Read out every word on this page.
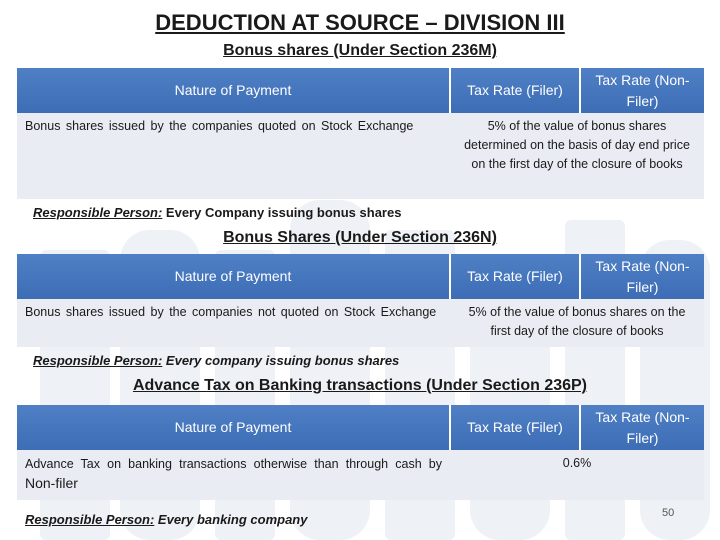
DEDUCTION AT SOURCE – DIVISION III
Bonus shares (Under Section 236M)
Nature of Payment	Tax Rate (Filer)	Tax Rate (Non-Filer)
Bonus shares issued by the companies quoted on Stock Exchange	5% of the value of bonus shares determined on the basis of day end price on the first day of the closure of books	
Responsible Person: Every Company issuing bonus shares
Bonus Shares (Under Section 236N)
Nature of Payment	Tax Rate (Filer)	Tax Rate (Non-Filer)
Bonus shares issued by the companies not quoted on Stock Exchange	5% of the value of bonus shares on the first day of the closure of books	
Responsible Person: Every company issuing bonus shares
Advance Tax on Banking transactions (Under Section 236P)
Nature of Payment	Tax Rate (Filer)	Tax Rate (Non-Filer)
Advance Tax on banking transactions otherwise than through cash by Non-filer	0.6%	
Responsible Person: Every banking company	50
